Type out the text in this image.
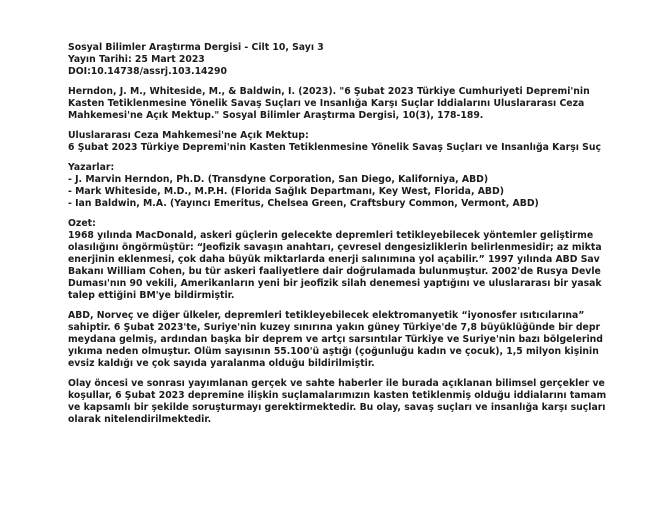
Sosyal Bilimler Araştırma Dergisi - Cilt 10, Sayı 3
Yayın Tarihi: 25 Mart 2023
DOI:10.14738/assrj.103.14290
Herndon, J. M., Whiteside, M., & Baldwin, I. (2023). "6 Şubat 2023 Türkiye Cumhuriyeti Depremi'nin
Kasten Tetiklenmesine Yönelik Savaş Suçları ve İnsanlığa Karşı Suçlar İddialarını Uluslararası Ceza
Mahkemesi'ne Açık Mektup." Sosyal Bilimler Araştırma Dergisi, 10(3), 178-189.
Uluslararası Ceza Mahkemesi'ne Açık Mektup:
6 Şubat 2023 Türkiye Depremi'nin Kasten Tetiklenmesine Yönelik Savaş Suçları ve İnsanlığa Karşı Suç
Yazarlar:
- J. Marvin Herndon, Ph.D. (Transdyne Corporation, San Diego, Kaliforniya, ABD)
- Mark Whiteside, M.D., M.P.H. (Florida Sağlık Departmanı, Key West, Florida, ABD)
- Ian Baldwin, M.A. (Yayıncı Emeritus, Chelsea Green, Craftsbury Common, Vermont, ABD)
Özet:
1968 yılında MacDonald, askeri güçlerin gelecekte depremleri tetikleyebilecek yöntemler geliştirme
olasılığını öngörmüştür: “Jeofizik savaşın anahtarı, çevresel dengesizliklerin belirlenmesidir; az mikta
enerjinin eklenmesi, çok daha büyük miktarlarda enerji salınımına yol açabilir.” 1997 yılında ABD Sav
Bakanı William Cohen, bu tür askeri faaliyetlere dair doğrulamada bulunmuştur. 2002'de Rusya Devle
Duması'nın 90 vekili, Amerikanların yeni bir jeofizik silah denemesi yaptığını ve uluslararası bir yasak
talep ettiğini BM'ye bildirmiştir.
ABD, Norveç ve diğer ülkeler, depremleri tetikleyebilecek elektromanyetik “iyonosfer ısıtıcılarına”
sahiptir. 6 Şubat 2023'te, Suriye'nin kuzey sınırına yakın güney Türkiye'de 7,8 büyüklüğünde bir depr
meydana gelmiş, ardından başka bir deprem ve artçı sarsıntılar Türkiye ve Suriye'nin bazı bölgelerind
yıkıma neden olmuştur. Ölüm sayısının 55.100'ü aştığı (çoğunluğu kadın ve çocuk), 1,5 milyon kişinin
evsiz kaldığı ve çok sayıda yaralanma olduğu bildirilmiştir.
Olay öncesi ve sonrası yayımlanan gerçek ve sahte haberler ile burada açıklanan bilimsel gerçekler ve
koşullar, 6 Şubat 2023 depremine ilişkin suçlamalarımızın kasten tetiklenmiş olduğu iddialarını tamam
ve kapsamlı bir şekilde soruşturmayı gerektirmektedir. Bu olay, savaş suçları ve insanlığa karşı suçları
olarak nitelendirilmektedir.
